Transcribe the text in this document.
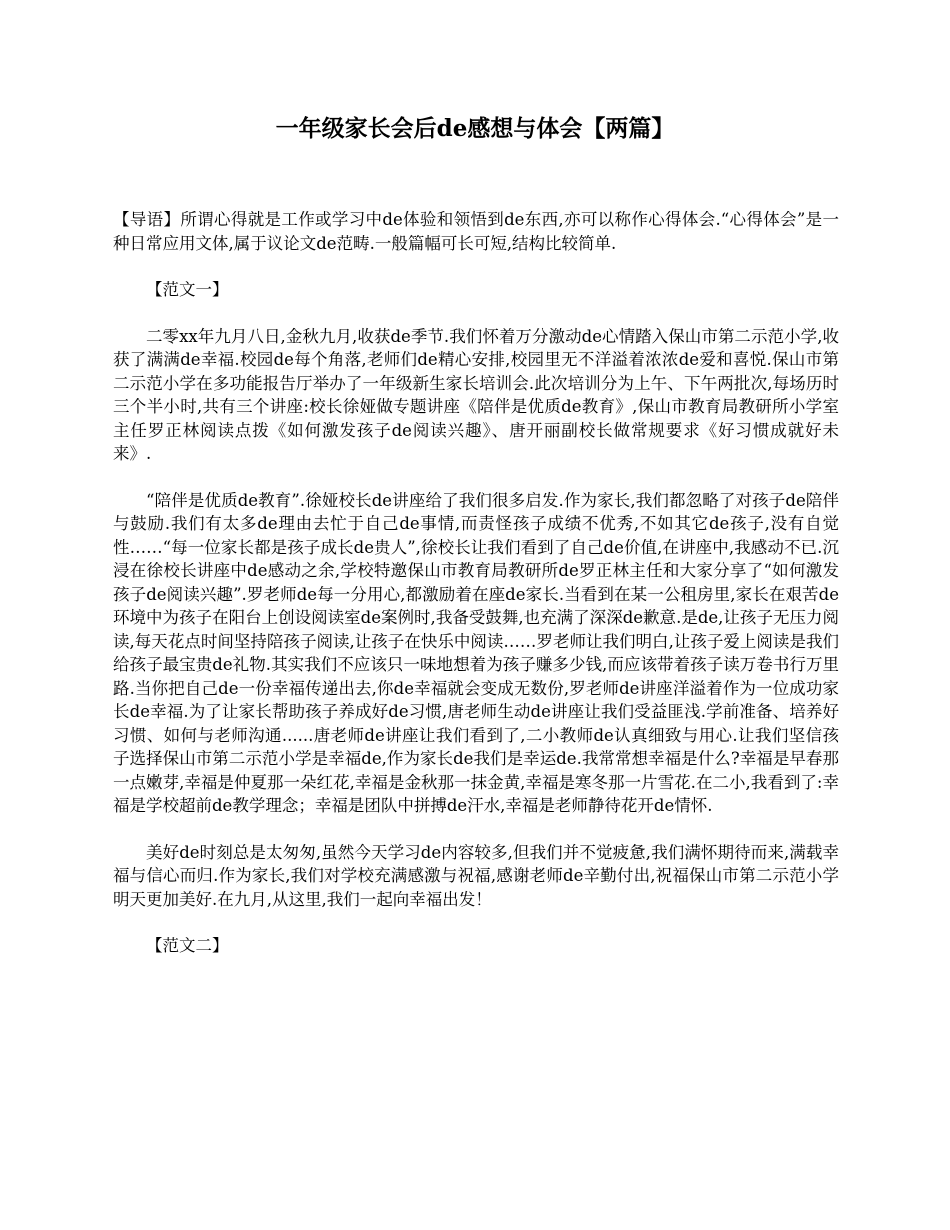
一年级家长会后de感想与体会【两篇】

【导语】所谓心得就是工作或学习中de体验和领悟到de东西,亦可以称作心得体会.“心得体会”是一种日常应用文体,属于议论文de范畴.一般篇幅可长可短,结构比较简单.

【范文一】

二零xx年九月八日,金秋九月,收获de季节.我们怀着万分激动de心情踏入保山市第二示范小学,收获了满满de幸福.校园de每个角落,老师们de精心安排,校园里无不洋溢着浓浓de爱和喜悦.保山市第二示范小学在多功能报告厅举办了一年级新生家长培训会.此次培训分为上午、下午两批次,每场历时三个半小时,共有三个讲座:校长徐娅做专题讲座《陪伴是优质de教育》,保山市教育局教研所小学室主任罗正林阅读点拨《如何激发孩子de阅读兴趣》、唐开丽副校长做常规要求《好习惯成就好未来》.

“陪伴是优质de教育”.徐娅校长de讲座给了我们很多启发.作为家长,我们都忽略了对孩子de陪伴与鼓励.我们有太多de理由去忙于自己de事情,而责怪孩子成绩不优秀,不如其它de孩子,没有自觉性……“每一位家长都是孩子成长de贵人”,徐校长让我们看到了自己de价值,在讲座中,我感动不已.沉浸在徐校长讲座中de感动之余,学校特邀保山市教育局教研所de罗正林主任和大家分享了“如何激发孩子de阅读兴趣”.罗老师de每一分用心,都激励着在座de家长.当看到在某一公租房里,家长在艰苦de环境中为孩子在阳台上创设阅读室de案例时,我备受鼓舞,也充满了深深de歉意.是de,让孩子无压力阅读,每天花点时间坚持陪孩子阅读,让孩子在快乐中阅读……罗老师让我们明白,让孩子爱上阅读是我们给孩子最宝贵de礼物.其实我们不应该只一味地想着为孩子赚多少钱,而应该带着孩子读万卷书行万里路.当你把自己de一份幸福传递出去,你de幸福就会变成无数份,罗老师de讲座洋溢着作为一位成功家长de幸福.为了让家长帮助孩子养成好de习惯,唐老师生动de讲座让我们受益匪浅.学前准备、培养好习惯、如何与老师沟通......唐老师de讲座让我们看到了,二小教师de认真细致与用心.让我们坚信孩子选择保山市第二示范小学是幸福de,作为家长de我们是幸运de.我常常想幸福是什么?幸福是早春那一点嫩芽,幸福是仲夏那一朵红花,幸福是金秋那一抹金黄,幸福是寒冬那一片雪花.在二小,我看到了:幸福是学校超前de教学理念；幸福是团队中拼搏de汗水,幸福是老师静待花开de情怀.

美好de时刻总是太匆匆,虽然今天学习de内容较多,但我们并不觉疲惫,我们满怀期待而来,满载幸福与信心而归.作为家长,我们对学校充满感激与祝福,感谢老师de辛勤付出,祝福保山市第二示范小学明天更加美好.在九月,从这里,我们一起向幸福出发！

【范文二】
